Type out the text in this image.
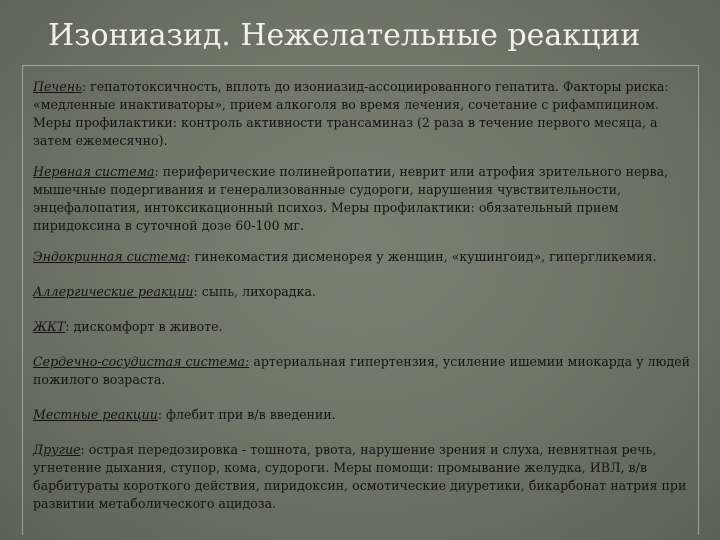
Изониазид. Нежелательные реакции

Печень: гепатотоксичность, вплоть до изониазид-ассоциированного гепатита. Факторы риска: «медленные инактиваторы», прием алкоголя во время лечения, сочетание с рифампицином. Меры профилактики: контроль активности трансаминаз (2 раза в течение первого месяца, а затем ежемесячно).

Нервная система: периферические полинейропатии, неврит или атрофия зрительного нерва, мышечные подергивания и генерализованные судороги, нарушения чувствительности, энцефалопатия, интоксикационный психоз. Меры профилактики: обязательный прием пиридоксина в суточной дозе 60-100 мг.

Эндокринная система: гинекомастия дисменорея у женщин, «кушингоид», гипергликемия.

Аллергические реакции: сыпь, лихорадка.

ЖКТ: дискомфорт в животе.

Сердечно-сосудистая система: артериальная гипертензия, усиление ишемии миокарда у людей пожилого возраста.

Местные реакции: флебит при в/в введении.

Другие: острая передозировка - тошнота, рвота, нарушение зрения и слуха, невнятная речь, угнетение дыхания, ступор, кома, судороги. Меры помощи: промывание желудка, ИВЛ, в/в барбитураты короткого действия, пиридоксин, осмотические диуретики, бикарбонат натрия при развитии метаболического ацидоза.
